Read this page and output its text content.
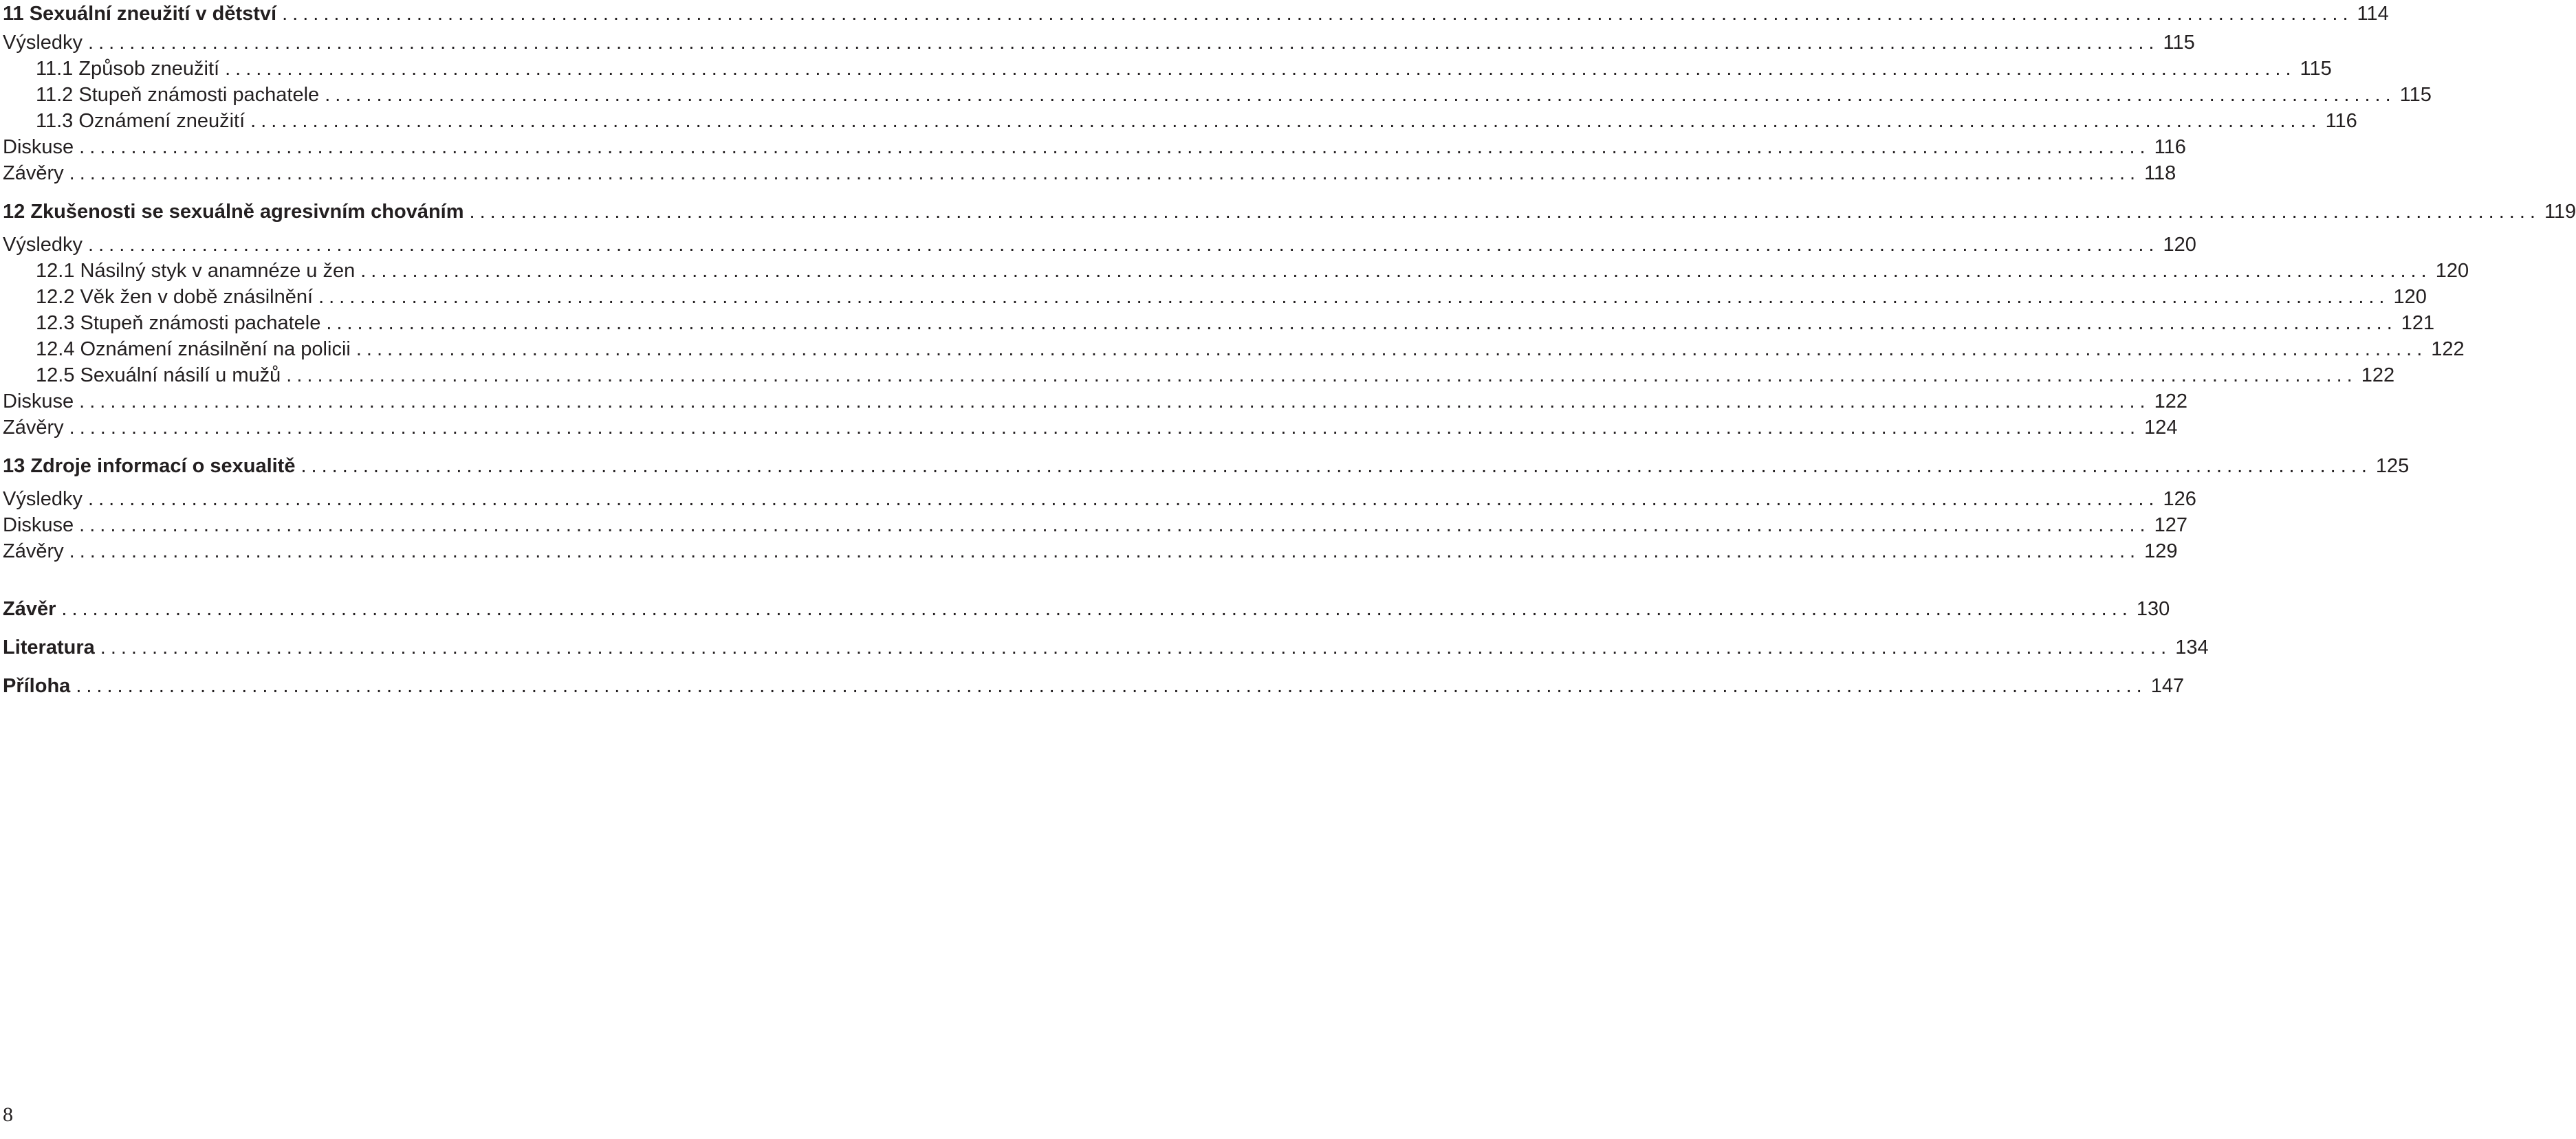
11 Sexuální zneužití v dětství ........................................................................................................................................................................................................ 114
Výsledky ........................................................................................................................................................................................................ 115
11.1 Způsob zneužití ........................................................................................................................................................................................................ 115
11.2 Stupeň známosti pachatele ........................................................................................................................................................................................................ 115
11.3 Oznámení zneužití ........................................................................................................................................................................................................ 116
Diskuse ........................................................................................................................................................................................................ 116
Závěry ........................................................................................................................................................................................................ 118
12 Zkušenosti se sexuálně agresivním chováním ........................................................................................................................................................................................................ 119
Výsledky ........................................................................................................................................................................................................ 120
12.1 Násilný styk v anamnéze u žen ........................................................................................................................................................................................................ 120
12.2 Věk žen v době znásilnění ........................................................................................................................................................................................................ 120
12.3 Stupeň známosti pachatele ........................................................................................................................................................................................................ 121
12.4 Oznámení znásilnění na policii ........................................................................................................................................................................................................ 122
12.5 Sexuální násilí u mužů ........................................................................................................................................................................................................ 122
Diskuse ........................................................................................................................................................................................................ 122
Závěry ........................................................................................................................................................................................................ 124
13 Zdroje informací o sexualitě ........................................................................................................................................................................................................ 125
Výsledky ........................................................................................................................................................................................................ 126
Diskuse ........................................................................................................................................................................................................ 127
Závěry ........................................................................................................................................................................................................ 129
Závěr ........................................................................................................................................................................................................ 130
Literatura ........................................................................................................................................................................................................ 134
Příloha ........................................................................................................................................................................................................ 147
8
